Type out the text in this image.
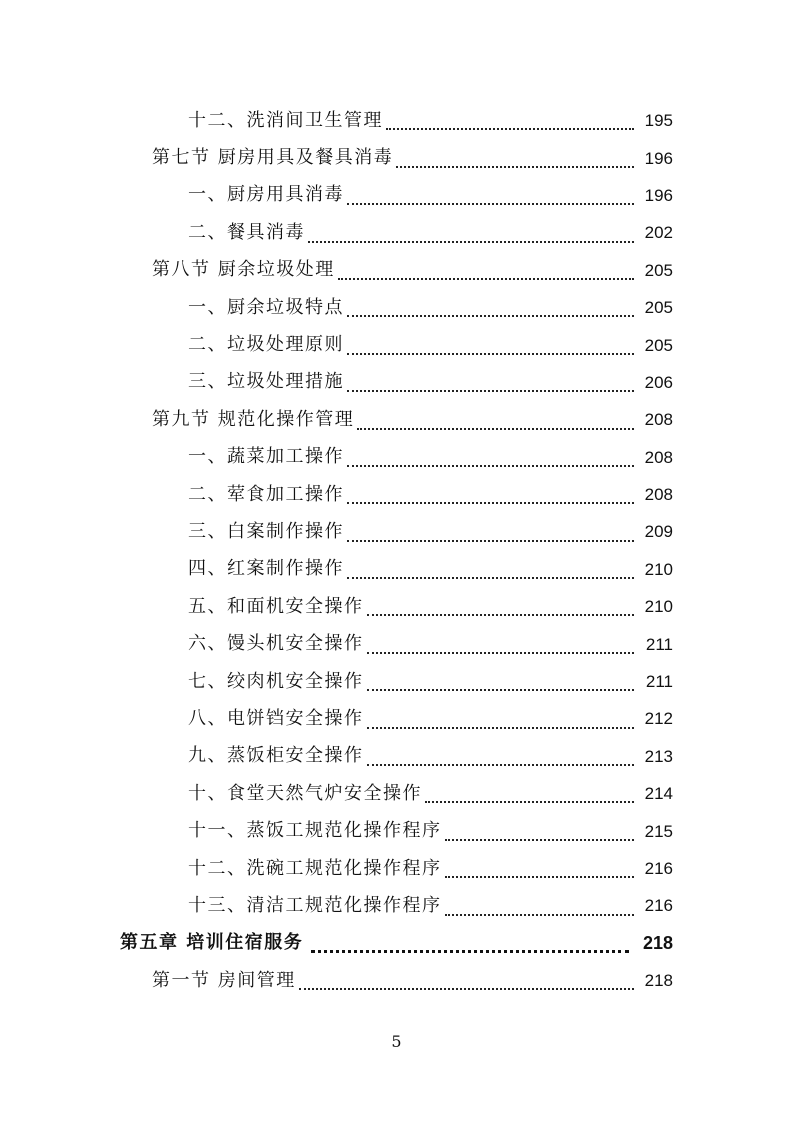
十二、洗消间卫生管理	195
第七节 厨房用具及餐具消毒	196
一、厨房用具消毒	196
二、餐具消毒	202
第八节 厨余垃圾处理	205
一、厨余垃圾特点	205
二、垃圾处理原则	205
三、垃圾处理措施	206
第九节 规范化操作管理	208
一、蔬菜加工操作	208
二、荤食加工操作	208
三、白案制作操作	209
四、红案制作操作	210
五、和面机安全操作	210
六、馒头机安全操作	211
七、绞肉机安全操作	211
八、电饼铛安全操作	212
九、蒸饭柜安全操作	213
十、食堂天然气炉安全操作	214
十一、蒸饭工规范化操作程序	215
十二、洗碗工规范化操作程序	216
十三、清洁工规范化操作程序	216
第五章 培训住宿服务	218
第一节 房间管理	218
5
